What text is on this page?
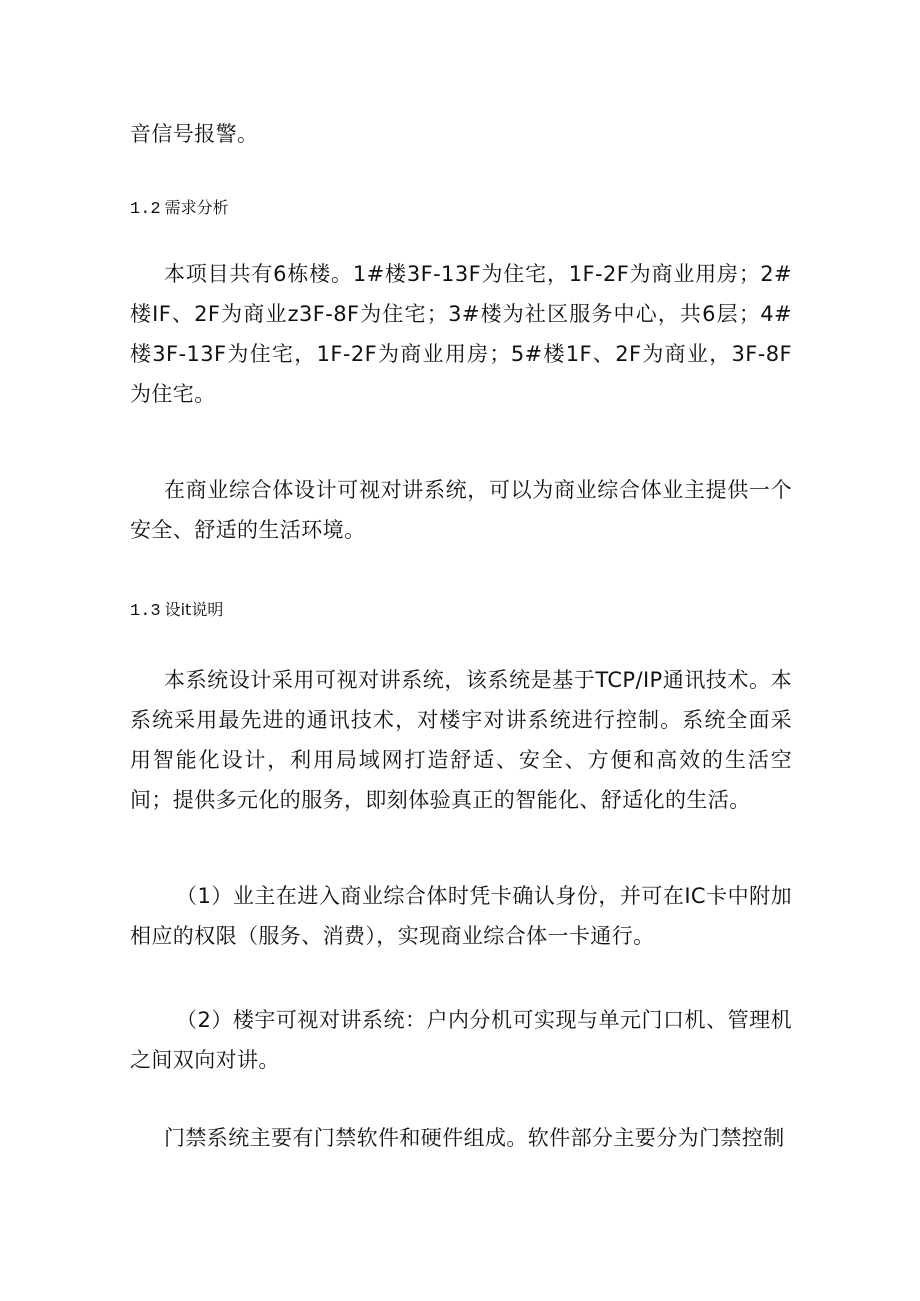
音信号报警。

1.2 需求分析

本项目共有6栋楼。1#楼3F-13F为住宅，1F-2F为商业用房；2#楼IF、2F为商业z3F-8F为住宅；3#楼为社区服务中心，共6层；4#楼3F-13F为住宅，1F-2F为商业用房；5#楼1F、2F为商业，3F-8F为住宅。

在商业综合体设计可视对讲系统，可以为商业综合体业主提供一个安全、舒适的生活环境。

1.3 设it说明

本系统设计采用可视对讲系统，该系统是基于TCP/IP通讯技术。本系统采用最先进的通讯技术，对楼宇对讲系统进行控制。系统全面采用智能化设计，利用局域网打造舒适、安全、方便和高效的生活空间；提供多元化的服务，即刻体验真正的智能化、舒适化的生活。

（1）业主在进入商业综合体时凭卡确认身份，并可在IC卡中附加相应的权限（服务、消费），实现商业综合体一卡通行。

（2）楼宇可视对讲系统：户内分机可实现与单元门口机、管理机之间双向对讲。

门禁系统主要有门禁软件和硬件组成。软件部分主要分为门禁控制
